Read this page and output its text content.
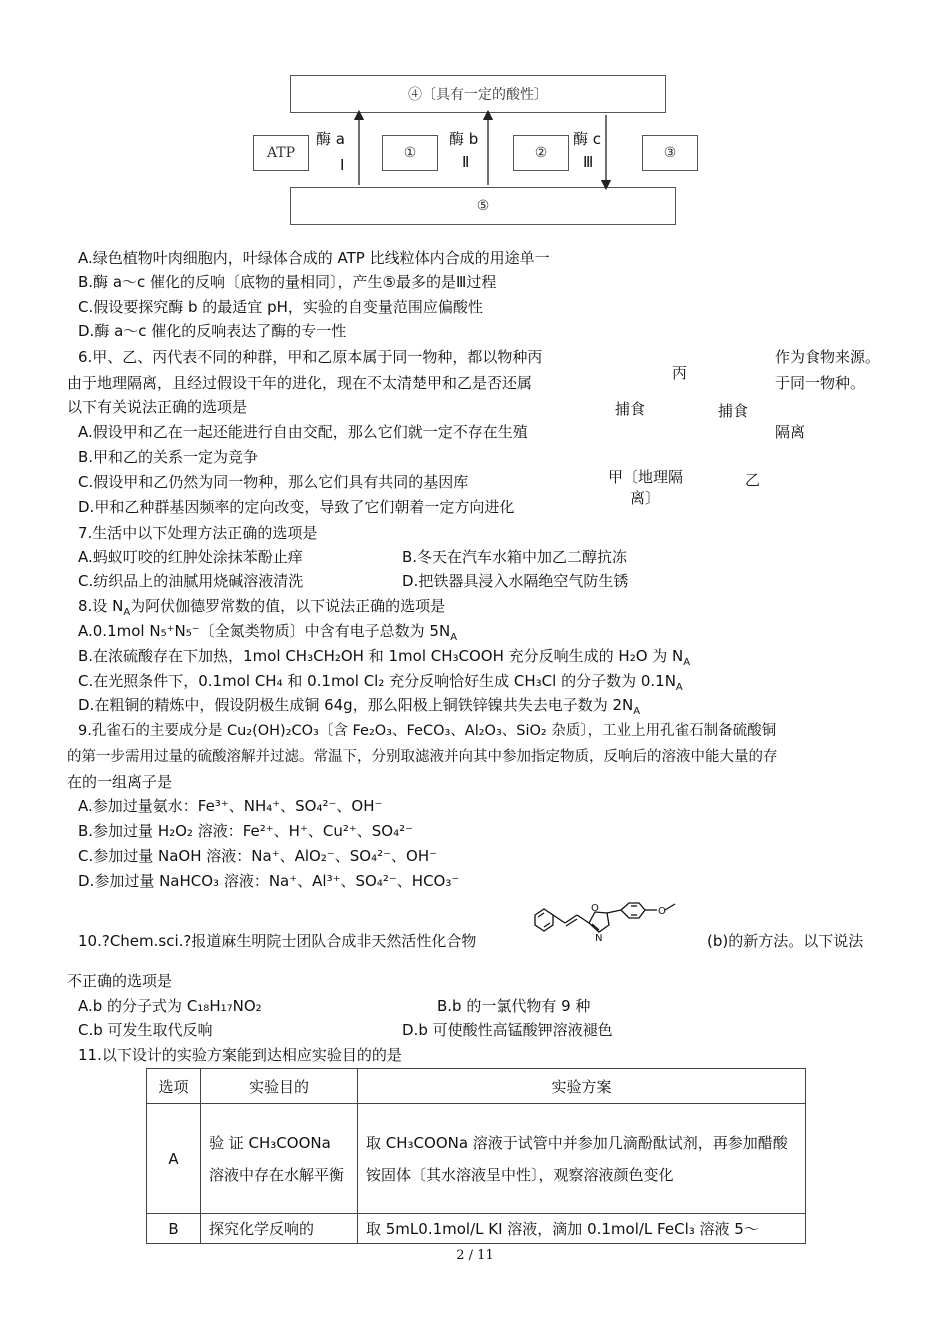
④〔具有一定的酸性〕
⑤
ATP	①	②	③
酶 a
Ⅰ
酶 b
Ⅱ
酶 c
Ⅲ
A.绿色植物叶肉细胞内，叶绿体合成的 ATP 比线粒体内合成的用途单一
B.酶 a～c 催化的反响〔底物的量相同〕，产生⑤最多的是Ⅲ过程
C.假设要探究酶 b 的最适宜 pH，实验的自变量范围应偏酸性
D.酶 a～c 催化的反响表达了酶的专一性
6.甲、乙、丙代表不同的种群，甲和乙原本属于同一物种，都以物种丙	作为食物来源。
由于地理隔离，且经过假设干年的进化，现在不太清楚甲和乙是否还属	于同一物种。
以下有关说法正确的选项是
A.假设甲和乙在一起还能进行自由交配，那么它们就一定不存在生殖	隔离
B.甲和乙的关系一定为竞争
C.假设甲和乙仍然为同一物种，那么它们具有共同的基因库
D.甲和乙种群基因频率的定向改变，导致了它们朝着一定方向进化
丙
捕食	捕食
甲〔地理隔
离〕
乙
7.生活中以下处理方法正确的选项是
A.蚂蚁叮咬的红肿处涂抹苯酚止痒	B.冬天在汽车水箱中加乙二醇抗冻
C.纺织品上的油腻用烧碱溶液清洗	D.把铁器具浸入水隔绝空气防生锈
8.设 $N_A$为阿伏伽德罗常数的值，以下说法正确的选项是
A.0.1mol N₅⁺N₅⁻〔全氮类物质〕中含有电子总数为 $5N_A$
B.在浓硫酸存在下加热，1mol CH₃CH₂OH 和 1mol CH₃COOH 充分反响生成的 H₂O 为 $N_A$
C.在光照条件下，0.1mol CH₄ 和 0.1mol Cl₂ 充分反响恰好生成 CH₃Cl 的分子数为 $0.1N_A$
D.在粗铜的精炼中，假设阴极生成铜 64g，那么阳极上铜铁锌镍共失去电子数为 $2N_A$
9.孔雀石的主要成分是 Cu₂(OH)₂CO₃〔含 Fe₂O₃、FeCO₃、Al₂O₃、SiO₂ 杂质〕，工业上用孔雀石制备硫酸铜
的第一步需用过量的硫酸溶解并过滤。常温下，分别取滤液并向其中参加指定物质，反响后的溶液中能大量的存
在的一组离子是
A.参加过量氨水：Fe³⁺、NH₄⁺、SO₄²⁻、OH⁻
B.参加过量 H₂O₂ 溶液：Fe²⁺、H⁺、Cu²⁺、SO₄²⁻
C.参加过量 NaOH 溶液：Na⁺、AlO₂⁻、SO₄²⁻、OH⁻
D.参加过量 NaHCO₃ 溶液：Na⁺、Al³⁺、SO₄²⁻、HCO₃⁻
10.?Chem.sci.?报道麻生明院士团队合成非天然活性化合物	(b)的新方法。以下说法
N
O	O
不正确的选项是
A.b 的分子式为 C₁₈H₁₇NO₂	B.b 的一氯代物有 9 种
C.b 可发生取代反响	D.b 可使酸性高锰酸钾溶液褪色
11.以下设计的实验方案能到达相应实验目的的是
选项	实验目的	实验方案
A	验 证 CH₃COONa 溶液中存在水解平衡	取 CH₃COONa 溶液于试管中并参加几滴酚酞试剂，再参加醋酸铵固体〔其水溶液呈中性〕，观察溶液颜色变化
B	探究化学反响的	取 5mL0.1mol/L KI 溶液，滴加 0.1mol/L FeCl₃ 溶液 5～
2 / 11
